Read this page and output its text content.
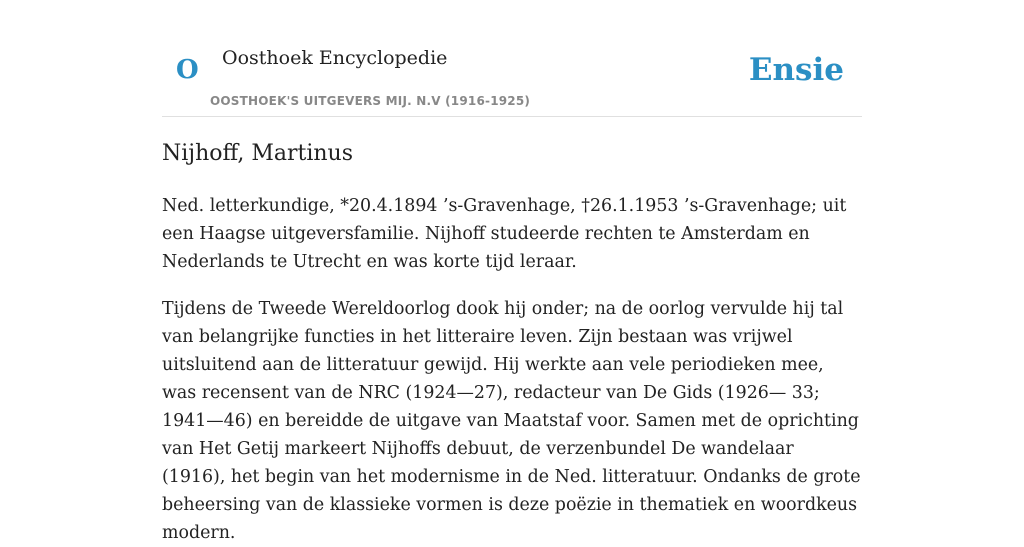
O Oosthoek Encyclopedie
OOSTHOEK'S UITGEVERS MIJ. N.V (1916-1925)
Ensie
Nijhoff, Martinus

Ned. letterkundige, *20.4.1894 ’s-Gravenhage, †26.1.1953 ’s-Gravenhage; uit een Haagse uitgeversfamilie. Nijhoff studeerde rechten te Amsterdam en Nederlands te Utrecht en was korte tijd leraar.

Tijdens de Tweede Wereldoorlog dook hij onder; na de oorlog vervulde hij tal van belangrijke functies in het litteraire leven. Zijn bestaan was vrijwel uitsluitend aan de litteratuur gewijd. Hij werkte aan vele periodieken mee, was recensent van de NRC (1924—27), redacteur van De Gids (1926— 33; 1941—46) en bereidde de uitgave van Maatstaf voor. Samen met de oprichting van Het Getij markeert Nijhoffs debuut, de verzenbundel De wandelaar (1916), het begin van het modernisme in de Ned. litteratuur. Ondanks de grote beheersing van de klassieke vormen is deze poëzie in thematiek en woordkeus modern.
